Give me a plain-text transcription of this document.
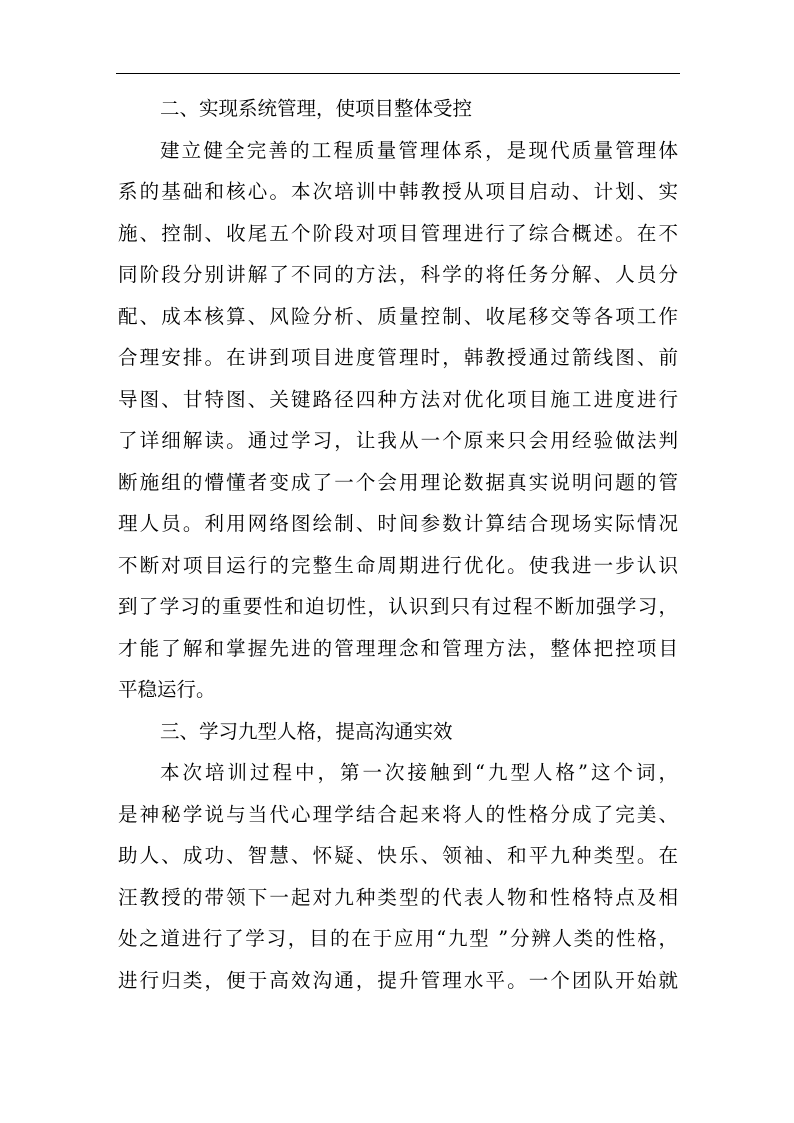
二、实现系统管理，使项目整体受控
建立健全完善的工程质量管理体系，是现代质量管理体
系的基础和核心。本次培训中韩教授从项目启动、计划、实
施、控制、收尾五个阶段对项目管理进行了综合概述。在不
同阶段分别讲解了不同的方法，科学的将任务分解、人员分
配、成本核算、风险分析、质量控制、收尾移交等各项工作
合理安排。在讲到项目进度管理时，韩教授通过箭线图、前
导图、甘特图、关键路径四种方法对优化项目施工进度进行
了详细解读。通过学习，让我从一个原来只会用经验做法判
断施组的懵懂者变成了一个会用理论数据真实说明问题的管
理人员。利用网络图绘制、时间参数计算结合现场实际情况
不断对项目运行的完整生命周期进行优化。使我进一步认识
到了学习的重要性和迫切性，认识到只有过程不断加强学习，
才能了解和掌握先进的管理理念和管理方法，整体把控项目
平稳运行。
三、学习九型人格，提高沟通实效
本次培训过程中，第一次接触到“九型人格”这个词，
是神秘学说与当代心理学结合起来将人的性格分成了完美、
助人、成功、智慧、怀疑、快乐、领袖、和平九种类型。在
汪教授的带领下一起对九种类型的代表人物和性格特点及相
处之道进行了学习，目的在于应用“九型 ”分辨人类的性格，
进行归类，便于高效沟通，提升管理水平。一个团队开始就
